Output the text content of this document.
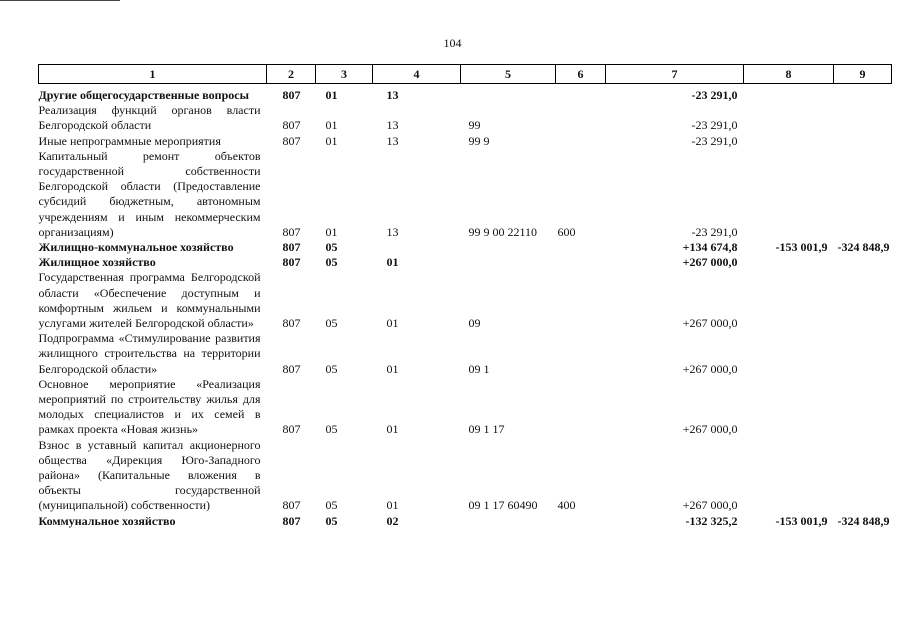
104
1	2	3	4	5	6	7	8	9

Другие общегосударственные вопросы	807	01	13			-23 291,0		
Реализация функций органов власти Белгородской области	807	01	13	99		-23 291,0		
Иные непрограммные мероприятия	807	01	13	99 9		-23 291,0		
Капитальный ремонт объектов государственной собственности Белгородской области (Предоставление субсидий бюджетным, автономным учреждениям и иным некоммерческим организациям)	807	01	13	99 9 00 22110	600	-23 291,0		
Жилищно-коммунальное хозяйство	807	05				+134 674,8	-153 001,9	-324 848,9
Жилищное хозяйство	807	05	01			+267 000,0		
Государственная программа Белгородской области «Обеспечение доступным и комфортным жильем и коммунальными услугами жителей Белгородской области»	807	05	01	09		+267 000,0		
Подпрограмма «Стимулирование развития жилищного строительства на территории Белгородской области»	807	05	01	09 1		+267 000,0		
Основное мероприятие «Реализация мероприятий по строительству жилья для молодых специалистов и их семей в рамках проекта «Новая жизнь»	807	05	01	09 1 17		+267 000,0		
Взнос в уставный капитал акционерного общества «Дирекция Юго-Западного района» (Капитальные вложения в объекты государственной (муниципальной) собственности)	807	05	01	09 1 17 60490	400	+267 000,0		
Коммунальное хозяйство	807	05	02			-132 325,2	-153 001,9	-324 848,9
